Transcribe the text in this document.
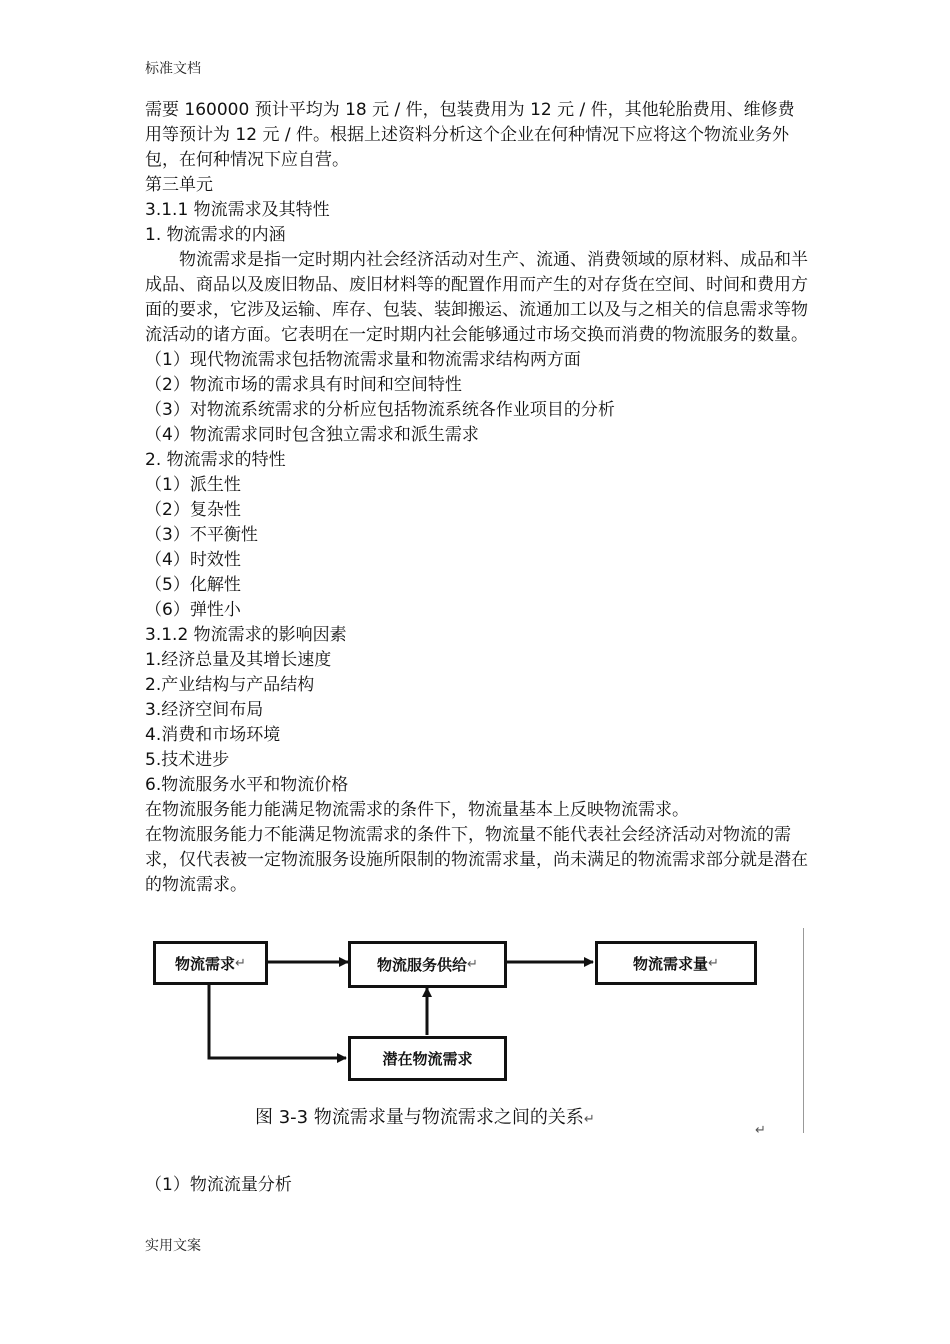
标准文档

需要 160000 预计平均为 18 元 / 件，包装费用为 12 元 / 件，其他轮胎费用、维修费用等预计为 12 元 / 件。根据上述资料分析这个企业在何种情况下应将这个物流业务外包，在何种情况下应自营。

第三单元

3.1.1 物流需求及其特性

1. 物流需求的内涵

物流需求是指一定时期内社会经济活动对生产、流通、消费领域的原材料、成品和半成品、商品以及废旧物品、废旧材料等的配置作用而产生的对存货在空间、时间和费用方面的要求，它涉及运输、库存、包装、装卸搬运、流通加工以及与之相关的信息需求等物流活动的诸方面。它表明在一定时期内社会能够通过市场交换而消费的物流服务的数量。

（1）现代物流需求包括物流需求量和物流需求结构两方面

（2）物流市场的需求具有时间和空间特性

（3）对物流系统需求的分析应包括物流系统各作业项目的分析

（4）物流需求同时包含独立需求和派生需求

2. 物流需求的特性

（1）派生性

（2）复杂性

（3）不平衡性

（4）时效性

（5）化解性

（6）弹性小

3.1.2 物流需求的影响因素

1.经济总量及其增长速度

2.产业结构与产品结构

3.经济空间布局

4.消费和市场环境

5.技术进步

6.物流服务水平和物流价格

在物流服务能力能满足物流需求的条件下，物流量基本上反映物流需求。

在物流服务能力不能满足物流需求的条件下，物流量不能代表社会经济活动对物流的需求，仅代表被一定物流服务设施所限制的物流需求量，尚未满足的物流需求部分就是潜在的物流需求。

物流需求 ↵	物流服务供给 ↵	物流需求量 ↵
潜在物流需求
图 3-3 物流需求量与物流需求之间的关系↵
↵
（1）物流流量分析
实用文案
